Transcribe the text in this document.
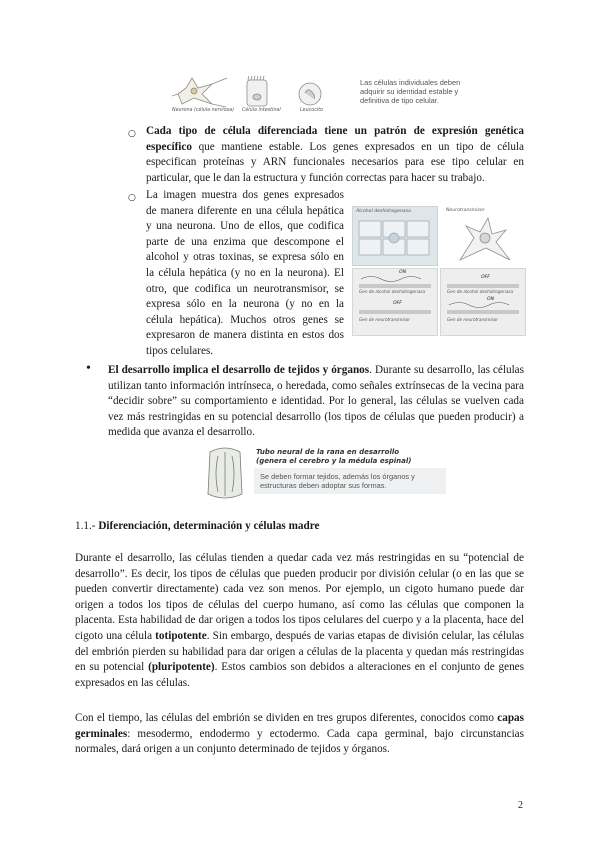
Neurona (célula nerviosa) Célula intestinal	Leucocito
Las células individuales deben adquirir su identidad estable y definitiva de tipo celular.
○ Cada tipo de célula diferenciada tiene un patrón de expresión genética específico que mantiene estable. Los genes expresados en un tipo de célula especifican proteínas y ARN funcionales necesarios para ese tipo celular en particular, que le dan la estructura y función correctas para hacer su trabajo.

○
Alcohol deshidrogenasa	Neurotransmisor
ON
Gen de alcohol deshidrogenasa
OFF
Gen de neurotransmisor
OFF
Gen de alcohol deshidrogenasa
ON
Gen de neurotransmisor

La imagen muestra dos genes expresados de manera diferente en una célula hepática y una neurona. Uno de ellos, que codifica parte de una enzima que descompone el alcohol y otras toxinas, se expresa sólo en la célula hepática (y no en la neurona). El otro, que codifica un neurotransmisor, se expresa sólo en la neurona (y no en la célula hepática). Muchos otros genes se expresaron de manera distinta en estos dos tipos celulares.

• El desarrollo implica el desarrollo de tejidos y órganos. Durante su desarrollo, las células utilizan tanto información intrínseca, o heredada, como señales extrínsecas de la vecina para “decidir sobre” su comportamiento e identidad. Por lo general, las células se vuelven cada vez más restringidas en su potencial desarrollo (los tipos de células que pueden producir) a medida que avanza el desarrollo.

Tubo neural de la rana en desarrollo
(genera el cerebro y la médula espinal)
Se deben formar tejidos, además los órganos y estructuras deben adoptar sus formas.
1.1.- Diferenciación, determinación y células madre

Durante el desarrollo, las células tienden a quedar cada vez más restringidas en su “potencial de desarrollo”. Es decir, los tipos de células que pueden producir por división celular (o en las que se pueden convertir directamente) cada vez son menos. Por ejemplo, un cigoto humano puede dar origen a todos los tipos de células del cuerpo humano, así como las células que componen la placenta. Esta habilidad de dar origen a todos los tipos celulares del cuerpo y a la placenta, hace del cigoto una célula totipotente. Sin embargo, después de varias etapas de división celular, las células del embrión pierden su habilidad para dar origen a células de la placenta y quedan más restringidas en su potencial (pluripotente). Estos cambios son debidos a alteraciones en el conjunto de genes expresados en las células.

Con el tiempo, las células del embrión se dividen en tres grupos diferentes, conocidos como capas germinales: mesodermo, endodermo y ectodermo. Cada capa germinal, bajo circunstancias normales, dará origen a un conjunto determinado de tejidos y órganos.

2
